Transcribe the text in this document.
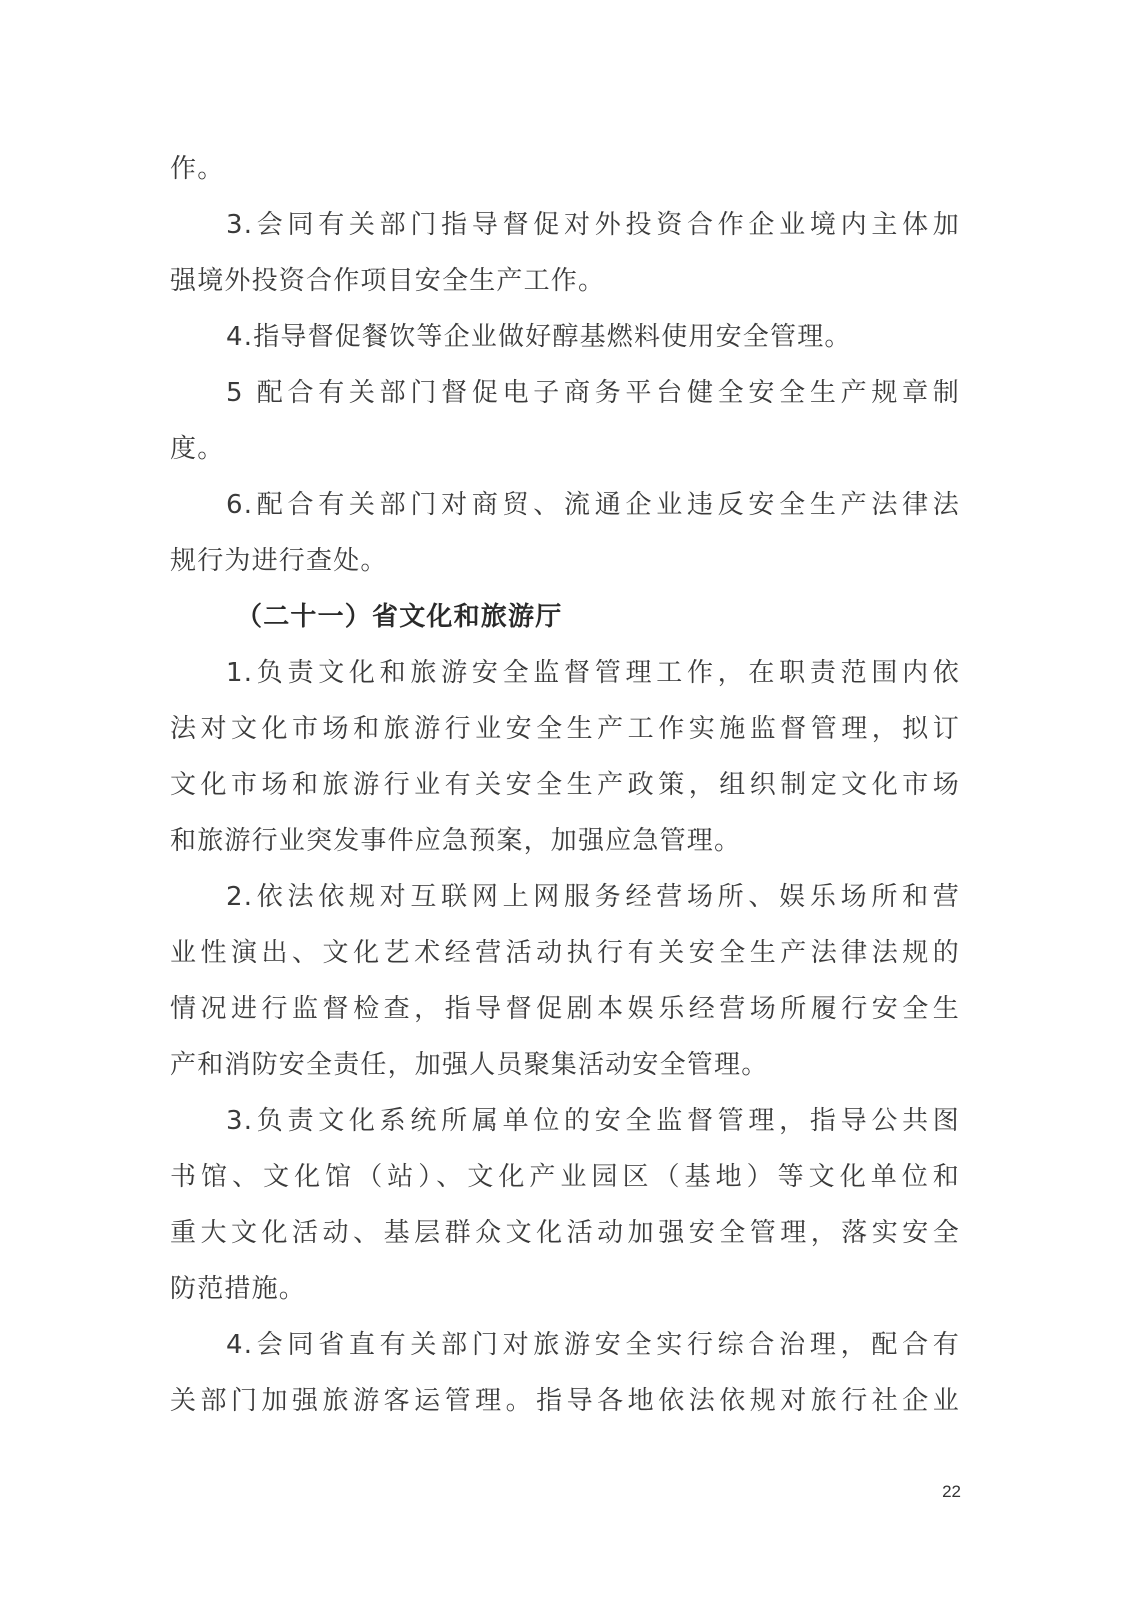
作。
3.会同有关部门指导督促对外投资合作企业境内主体加
强境外投资合作项目安全生产工作。
4.指导督促餐饮等企业做好醇基燃料使用安全管理。
5 配合有关部门督促电子商务平台健全安全生产规章制
度。
6.配合有关部门对商贸、流通企业违反安全生产法律法
规行为进行查处。
（二十一）省文化和旅游厅
1.负责文化和旅游安全监督管理工作，在职责范围内依
法对文化市场和旅游行业安全生产工作实施监督管理，拟订
文化市场和旅游行业有关安全生产政策，组织制定文化市场
和旅游行业突发事件应急预案，加强应急管理。
2.依法依规对互联网上网服务经营场所、娱乐场所和营
业性演出、文化艺术经营活动执行有关安全生产法律法规的
情况进行监督检查，指导督促剧本娱乐经营场所履行安全生
产和消防安全责任，加强人员聚集活动安全管理。
3.负责文化系统所属单位的安全监督管理，指导公共图
书馆、文化馆（站）、文化产业园区（基地）等文化单位和
重大文化活动、基层群众文化活动加强安全管理，落实安全
防范措施。
4.会同省直有关部门对旅游安全实行综合治理，配合有
关部门加强旅游客运管理。指导各地依法依规对旅行社企业
22
